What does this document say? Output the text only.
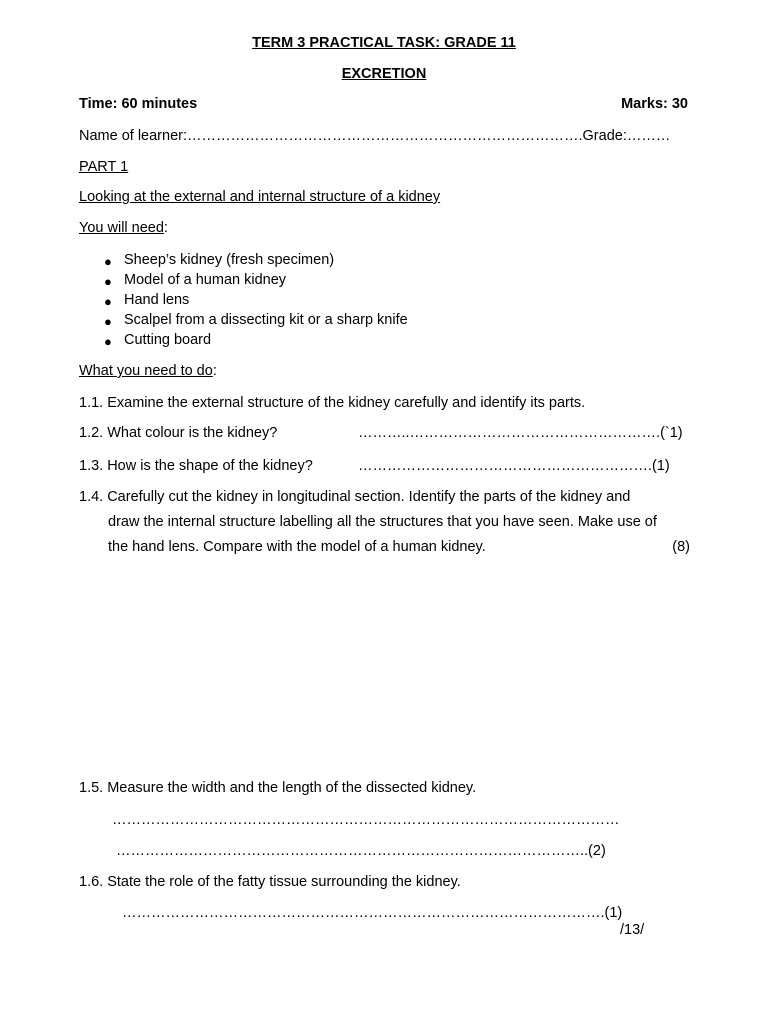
TERM 3 PRACTICAL TASK: GRADE 11
EXCRETION
Time: 60 minutes	Marks: 30
Name of learner:……………………………………………………………………….Grade:………
PART 1
Looking at the external and internal structure of a kidney
You will need:
● Sheep’s kidney (fresh specimen)
● Model of a human kidney
● Hand lens
● Scalpel from a dissecting kit or a sharp knife
● Cutting board
What you need to do:
1.1. Examine the external structure of the kidney carefully and identify its parts.
1.2. What colour is the kidney?	………..…………………………………………….(`1)
1.3. How is the shape of the kidney?	…………………………………………………….(1)
1.4. Carefully cut the kidney in longitudinal section. Identify the parts of the kidney and
draw the internal structure labelling all the structures that you have seen. Make use of
the hand lens. Compare with the model of a human kidney.	(8)
1.5. Measure the width and the length of the dissected kidney.
……………………………………………………………………………………………
……………………………………………………………………………………..(2)
1.6. State the role of the fatty tissue surrounding the kidney.
……………………………………………………………………………………….(1)
/13/
